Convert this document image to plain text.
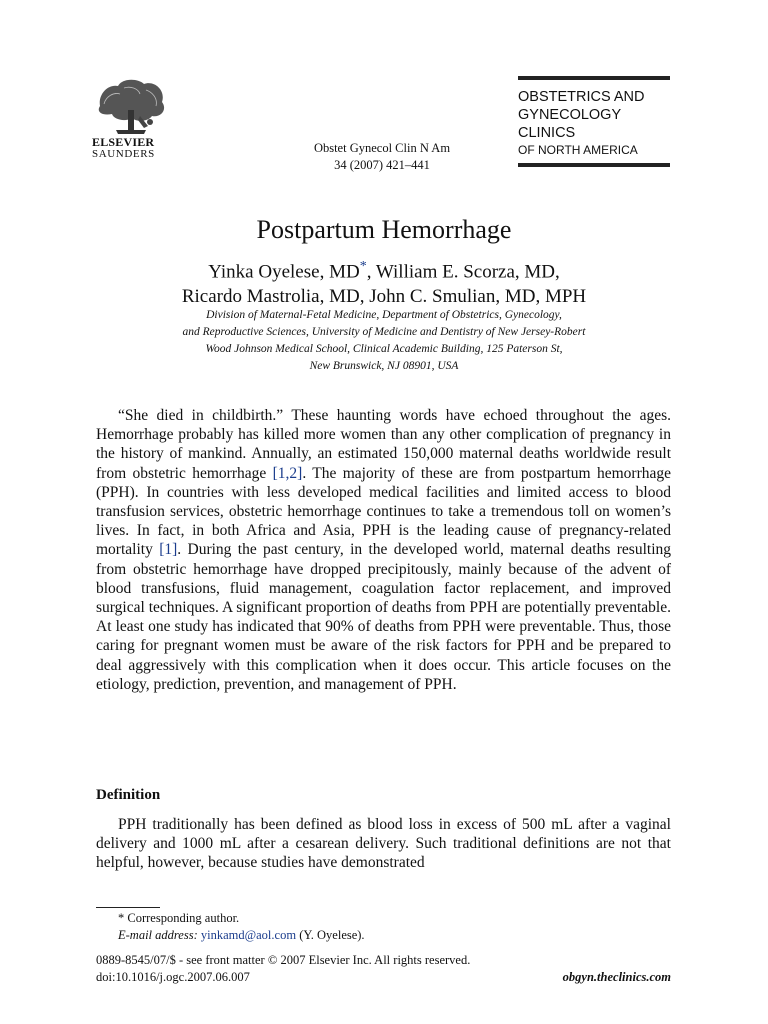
ELSEVIER
SAUNDERS	Obstet Gynecol Clin N Am
34 (2007) 421–441
OBSTETRICS AND
GYNECOLOGY
CLINICS
OF NORTH AMERICA
Postpartum Hemorrhage
Yinka Oyelese, MD*, William E. Scorza, MD,
Ricardo Mastrolia, MD, John C. Smulian, MD, MPH
Division of Maternal-Fetal Medicine, Department of Obstetrics, Gynecology,
and Reproductive Sciences, University of Medicine and Dentistry of New Jersey-Robert
Wood Johnson Medical School, Clinical Academic Building, 125 Paterson St,
New Brunswick, NJ 08901, USA

“She died in childbirth.” These haunting words have echoed throughout the ages. Hemorrhage probably has killed more women than any other complication of pregnancy in the history of mankind. Annually, an estimated 150,000 maternal deaths worldwide result from obstetric hemorrhage [1,2]. The majority of these are from postpartum hemorrhage (PPH). In countries with less developed medical facilities and limited access to blood transfusion services, obstetric hemorrhage continues to take a tremendous toll on women’s lives. In fact, in both Africa and Asia, PPH is the leading cause of pregnancy-related mortality [1]. During the past century, in the developed world, maternal deaths resulting from obstetric hemorrhage have dropped precipitously, mainly because of the advent of blood transfusions, fluid management, coagulation factor replacement, and improved surgical techniques. A significant proportion of deaths from PPH are potentially preventable. At least one study has indicated that 90% of deaths from PPH were preventable. Thus, those caring for pregnant women must be aware of the risk factors for PPH and be prepared to deal aggressively with this complication when it does occur. This article focuses on the etiology, prediction, prevention, and management of PPH.

Definition

PPH traditionally has been defined as blood loss in excess of 500 mL after a vaginal delivery and 1000 mL after a cesarean delivery. Such traditional definitions are not that helpful, however, because studies have demonstrated

* Corresponding author.
E-mail address: yinkamd@aol.com (Y. Oyelese).
0889-8545/07/$ - see front matter © 2007 Elsevier Inc. All rights reserved.
doi:10.1016/j.ogc.2007.06.007	obgyn.theclinics.com
